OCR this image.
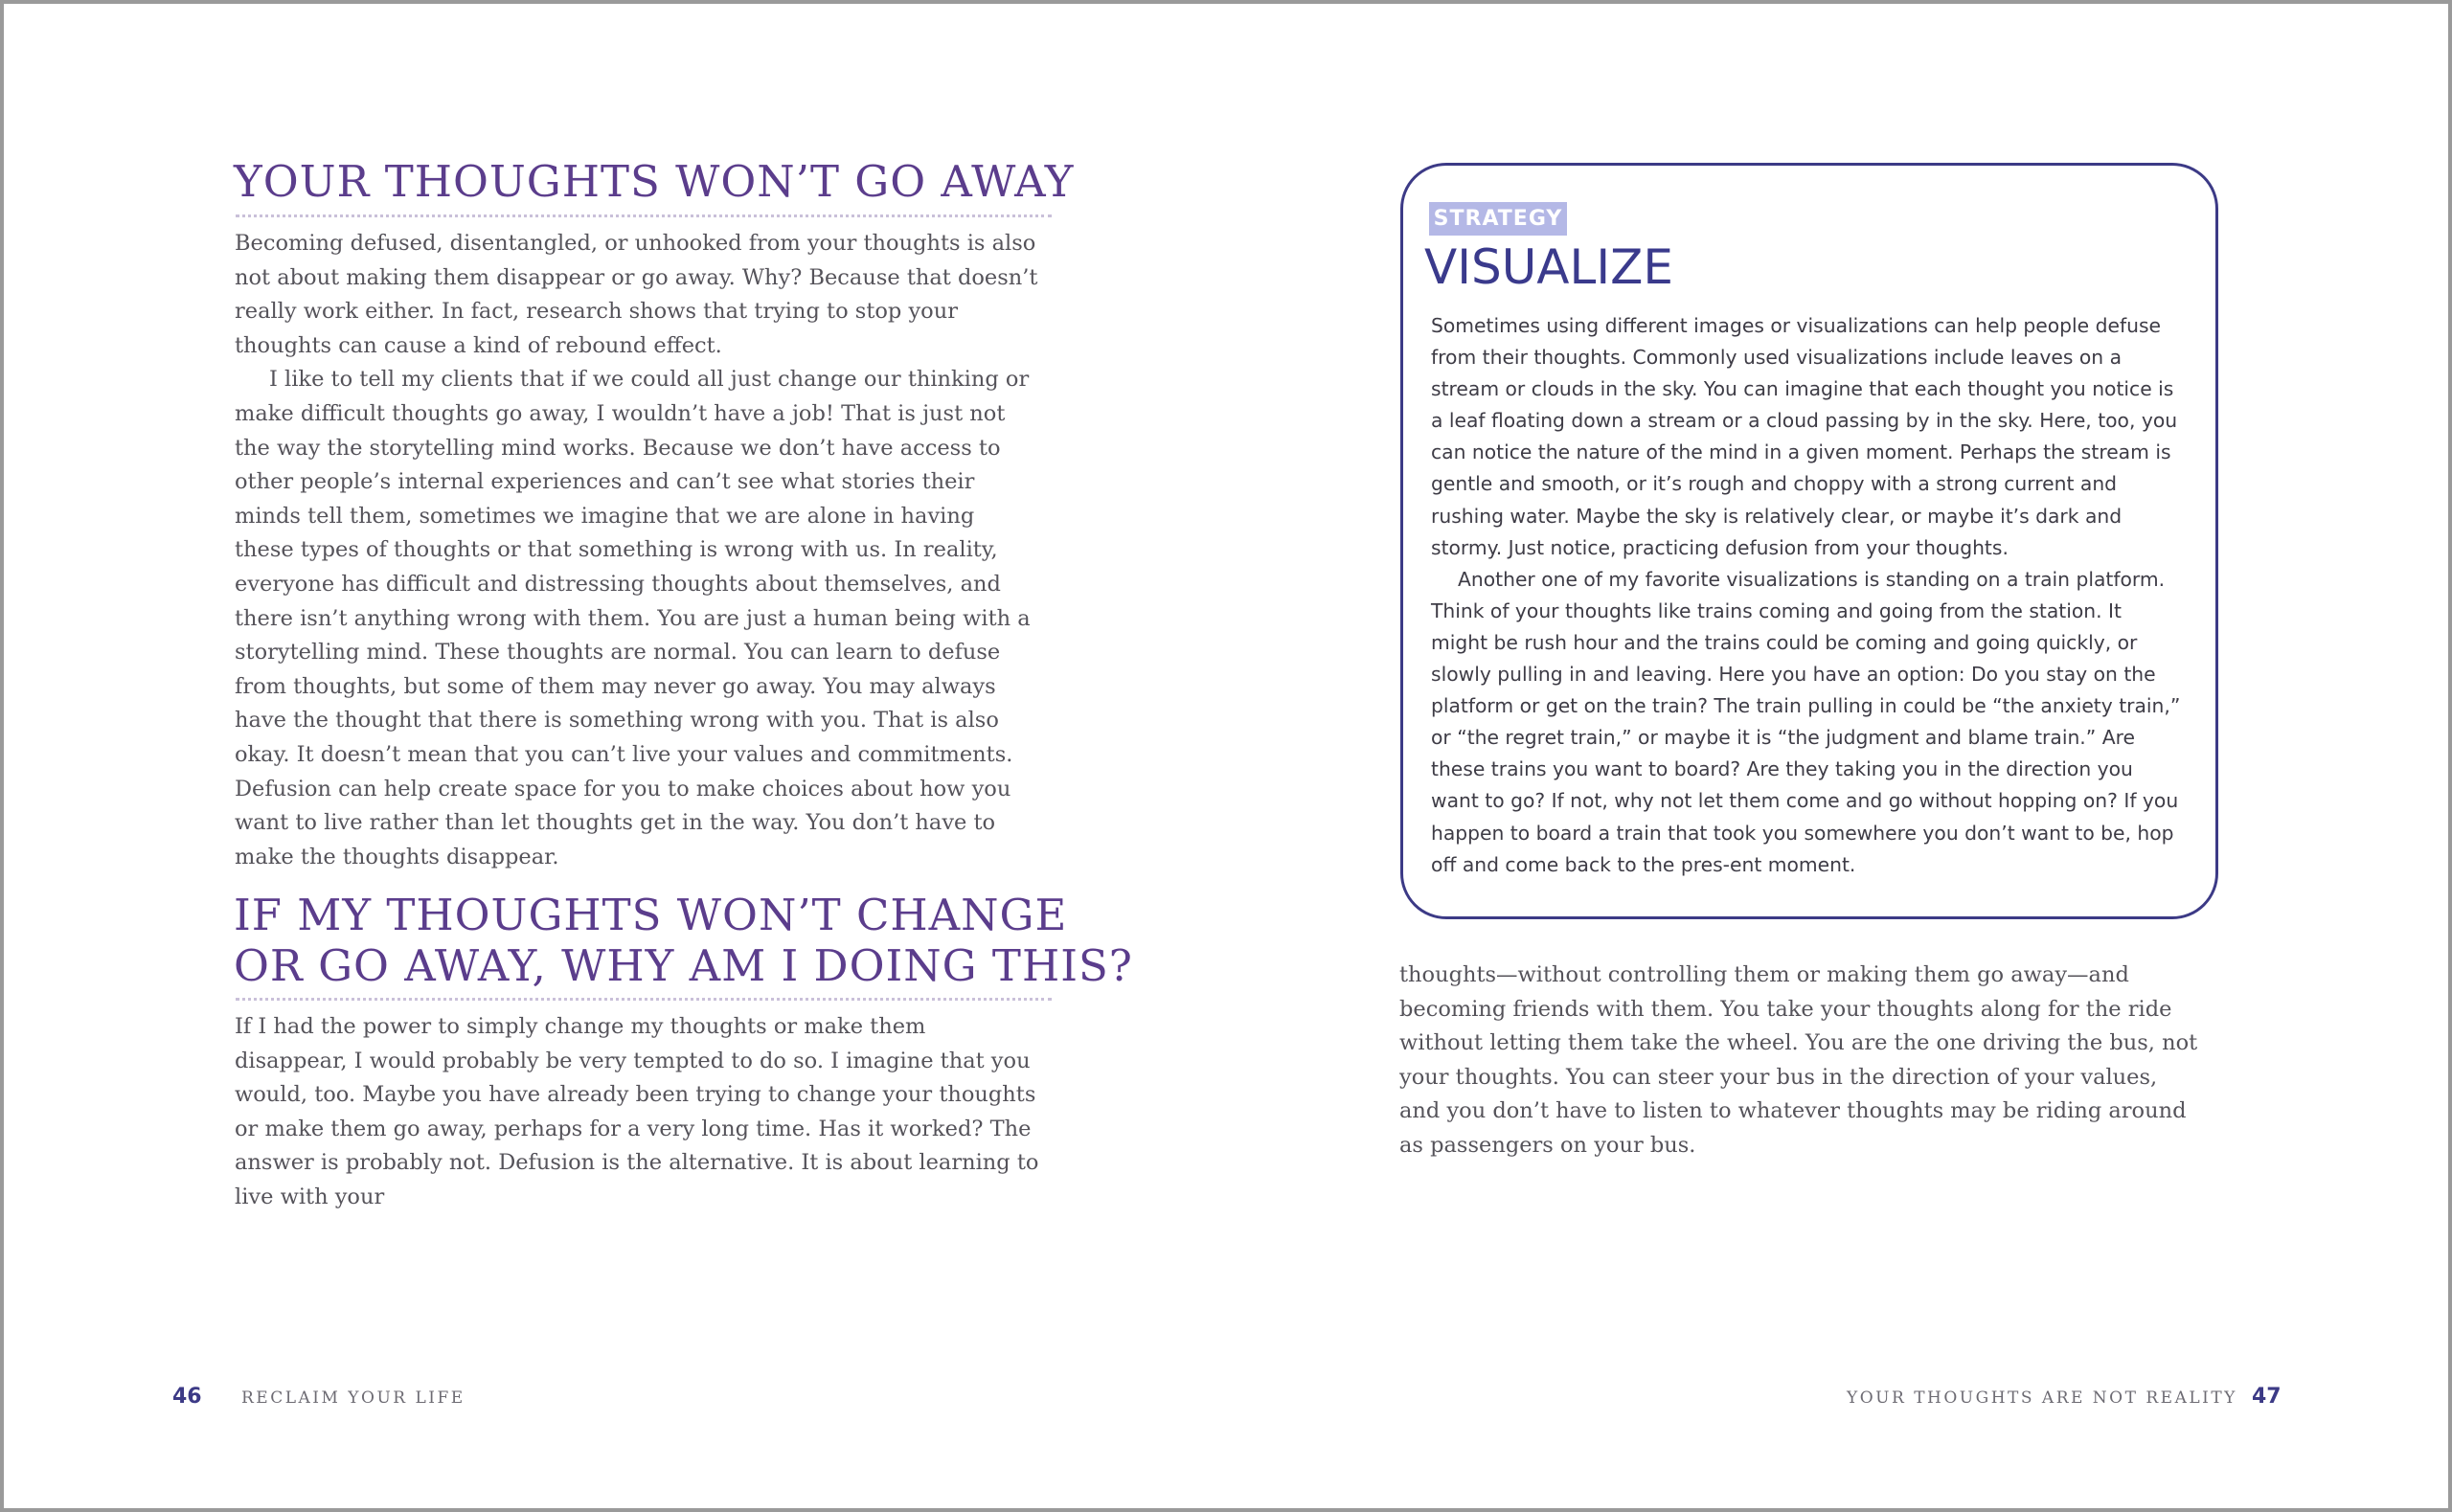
YOUR THOUGHTS WON’T GO AWAY

Becoming defused, disentangled, or unhooked from your thoughts is also not about making them disappear or go away. Why? Because that doesn’t really work either. In fact, research shows that trying to stop your thoughts can cause a kind of rebound effect.

I like to tell my clients that if we could all just change our thinking or make difficult thoughts go away, I wouldn’t have a job! That is just not the way the storytelling mind works. Because we don’t have access to other people’s internal experiences and can’t see what stories their minds tell them, sometimes we imagine that we are alone in having these types of thoughts or that something is wrong with us. In reality, everyone has difficult and distressing thoughts about themselves, and there isn’t anything wrong with them. You are just a human being with a storytelling mind. These thoughts are normal. You can learn to defuse from thoughts, but some of them may never go away. You may always have the thought that there is something wrong with you. That is also okay. It doesn’t mean that you can’t live your values and commitments. Defusion can help create space for you to make choices about how you want to live rather than let thoughts get in the way. You don’t have to make the thoughts disappear.

IF MY THOUGHTS WON’T CHANGE
OR GO AWAY, WHY AM I DOING THIS?

If I had the power to simply change my thoughts or make them disappear, I would probably be very tempted to do so. I imagine that you would, too. Maybe you have already been trying to change your thoughts or make them go away, perhaps for a very long time. Has it worked? The answer is probably not. Defusion is the alternative. It is about learning to live with your

46 RECLAIM YOUR LIFE
STRATEGY
VISUALIZE

Sometimes using different images or visualizations can help people defuse from their thoughts. Commonly used visualizations include leaves on a stream or clouds in the sky. You can imagine that each thought you notice is a leaf floating down a stream or a cloud passing by in the sky. Here, too, you can notice the nature of the mind in a given moment. Perhaps the stream is gentle and smooth, or it’s rough and choppy with a strong current and rushing water. Maybe the sky is relatively clear, or maybe it’s dark and stormy. Just notice, practicing defusion from your thoughts.

Another one of my favorite visualizations is standing on a train platform. Think of your thoughts like trains coming and going from the station. It might be rush hour and the trains could be coming and going quickly, or slowly pulling in and leaving. Here you have an option: Do you stay on the platform or get on the train? The train pulling in could be “the anxiety train,” or “the regret train,” or maybe it is “the judgment and blame train.” Are these trains you want to board? Are they taking you in the direction you want to go? If not, why not let them come and go without hopping on? If you happen to board a train that took you somewhere you don’t want to be, hop off and come back to the pres-ent moment.

thoughts—without controlling them or making them go away—and becoming friends with them. You take your thoughts along for the ride without letting them take the wheel. You are the one driving the bus, not your thoughts. You can steer your bus in the direction of your values, and you don’t have to listen to whatever thoughts may be riding around as passengers on your bus.

YOUR THOUGHTS ARE NOT REALITY 47
